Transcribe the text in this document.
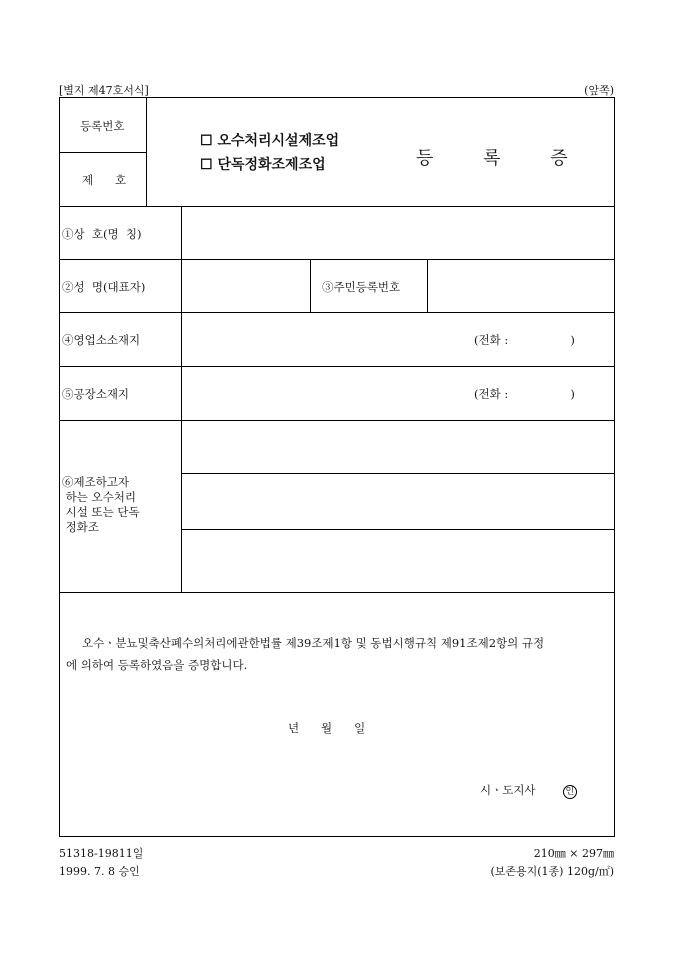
[별지 제47호서식]	(앞쪽)
등록번호
제      호
☐ 오수처리시설제조업
☐ 단독정화조제조업	등 록 증
①상  호(명  칭)
②성  명(대표자)	③주민등록번호
④영업소소재지	(전화 :                 )
⑤공장소재지	(전화 :                 )
⑥제조하고자
하는 오수처리
시설 또는 단독
정화조
오수ㆍ분뇨및축산폐수의처리에관한법률 제39조제1항 및 동법시행규칙 제91조제2항의 규정
에 의하여 등록하였음을 증명합니다.
년      월      일
시ㆍ도지사	인
51318-19811일
1999. 7. 8 승인
210㎜ × 297㎜
(보존용지(1종) 120g/㎡)
